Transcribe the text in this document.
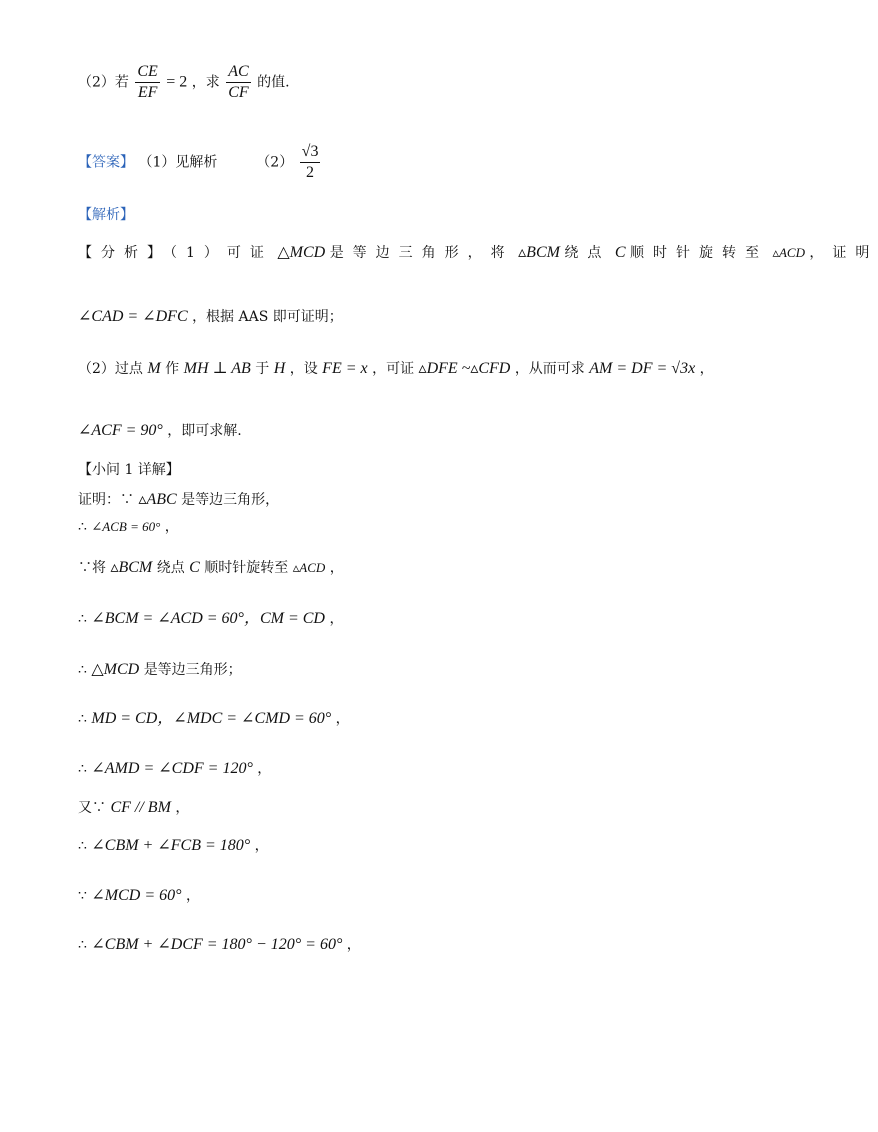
（2）若 $\frac{CE}{EF} = 2$ ，求 $\frac{AC}{CF}$ 的值.
【答案】 （1）见解析	$(2) \frac{√3}{2}$
【解析】
【分析】（1）可证 △MCD 是等边三角形，将 ▵BCM 绕点 C 顺时针旋转至 ▵ACD ，证明
∠CAD = ∠DFC ，根据 AAS 即可证明；
（2）过点 M 作 MH ⊥ AB 于 H ，设 FE = x ，可证 ▵DFE ~▵CFD ，从而可求 AM = DF = √3x ，
∠ACF = 90° ，即可求解.
【小问 1 详解】
证明：∵ ▵ABC 是等边三角形，
∴ ∠ACB = 60° ，
∵将 ▵BCM 绕点 C 顺时针旋转至 ▵ACD ，
∴ ∠BCM = ∠ACD = 60°，CM = CD ，
∴ △MCD 是等边三角形；
∴ MD = CD，∠MDC = ∠CMD = 60° ，
∴ ∠AMD = ∠CDF = 120° ，
又∵ CF // BM ，
∴ ∠CBM + ∠FCB = 180° ，
∵ ∠MCD = 60° ，
∴ ∠CBM + ∠DCF = 180° − 120° = 60° ，
